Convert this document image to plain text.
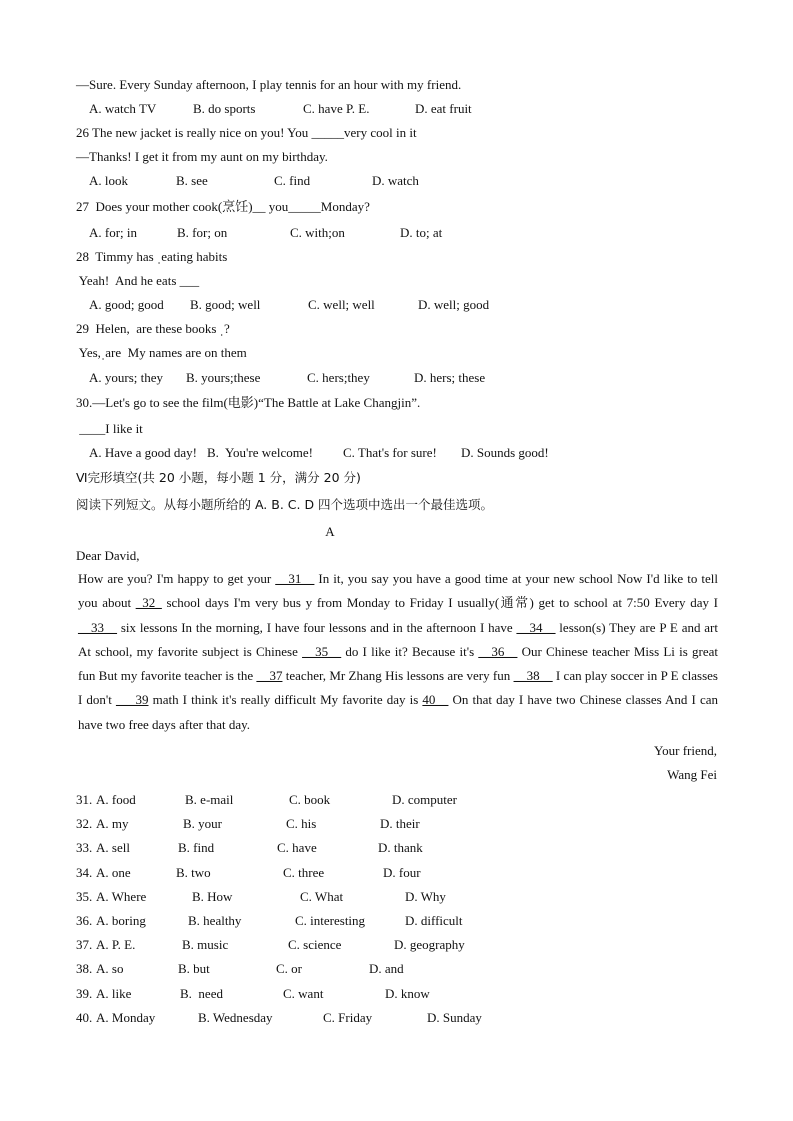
—Sure. Every Sunday afternoon, I play tennis for an hour with my friend.
A. watch TV	B. do sports	C. have P. E.	D. eat fruit
26 The new jacket is really nice on you! You _____very cool in it
—Thanks! I get it from my aunt on my birthday.
A. look	B. see	C. find	D. watch
27  Does your mother cook(烹饪)__ you_____Monday?
A. for; in	B. for; on	C. with;on	D. to; at
28  Timmy has ˌeating habits
Yeah!  And he eats ___
A. good; good B. good; well	C. well; well	D. well; good
29  Helen,  are these books ˌ?
Yes,ˌare  My names are on them
A. yours; they B. yours;these	C. hers;they	D. hers; these
30.—Let's go to see the film(电影)“The Battle at Lake Changjin”.
____I like it
A. Have a good day! B.  You're welcome! C. That's for sure! D. Sounds good!
Ⅵ完形填空(共 20 小题，每小题 1 分，满分 20 分)
阅读下列短文。从每小题所给的 A. B. C. D 四个选项中选出一个最佳选项。
A
Dear David,
How are you? I'm happy to get your __31__ In it, you say you have a good time at your new school Now I'd like to tell you about _32_ school days I'm very bus y from Monday to Friday I usually(通常) get to school at 7:50 Every day I __33__ six lessons In the morning, I have four lessons and in the afternoon I have __34__ lesson(s) They are P E and art At school, my favorite subject is Chinese __35__ do I like it? Because it's __36__ Our Chinese teacher Miss Li is great fun But my favorite teacher is the __37 teacher, Mr Zhang His lessons are very fun __38__ I can play soccer in P E classes I don't ___39 math I think it's really difficult My favorite day is 40__ On that day I have two Chinese classes And I can have two free days after that day.
Your friend,
Wang Fei
31. A. food	B. e-mail	C. book	D. computer
32. A. my	B. your	C. his	D. their
33. A. sell	B. find	C. have	D. thank
34. A. one	B. two	C. three	D. four
35. A. Where	B. How	C. What	D. Why
36. A. boring	B. healthy	C. interesting	D. difficult
37. A. P. E.	B. music	C. science	D. geography
38. A. so	B. but	C. or	D. and
39. A. like	B.  need	C. want	D. know
40. A. Monday	B. Wednesday	C. Friday	D. Sunday
